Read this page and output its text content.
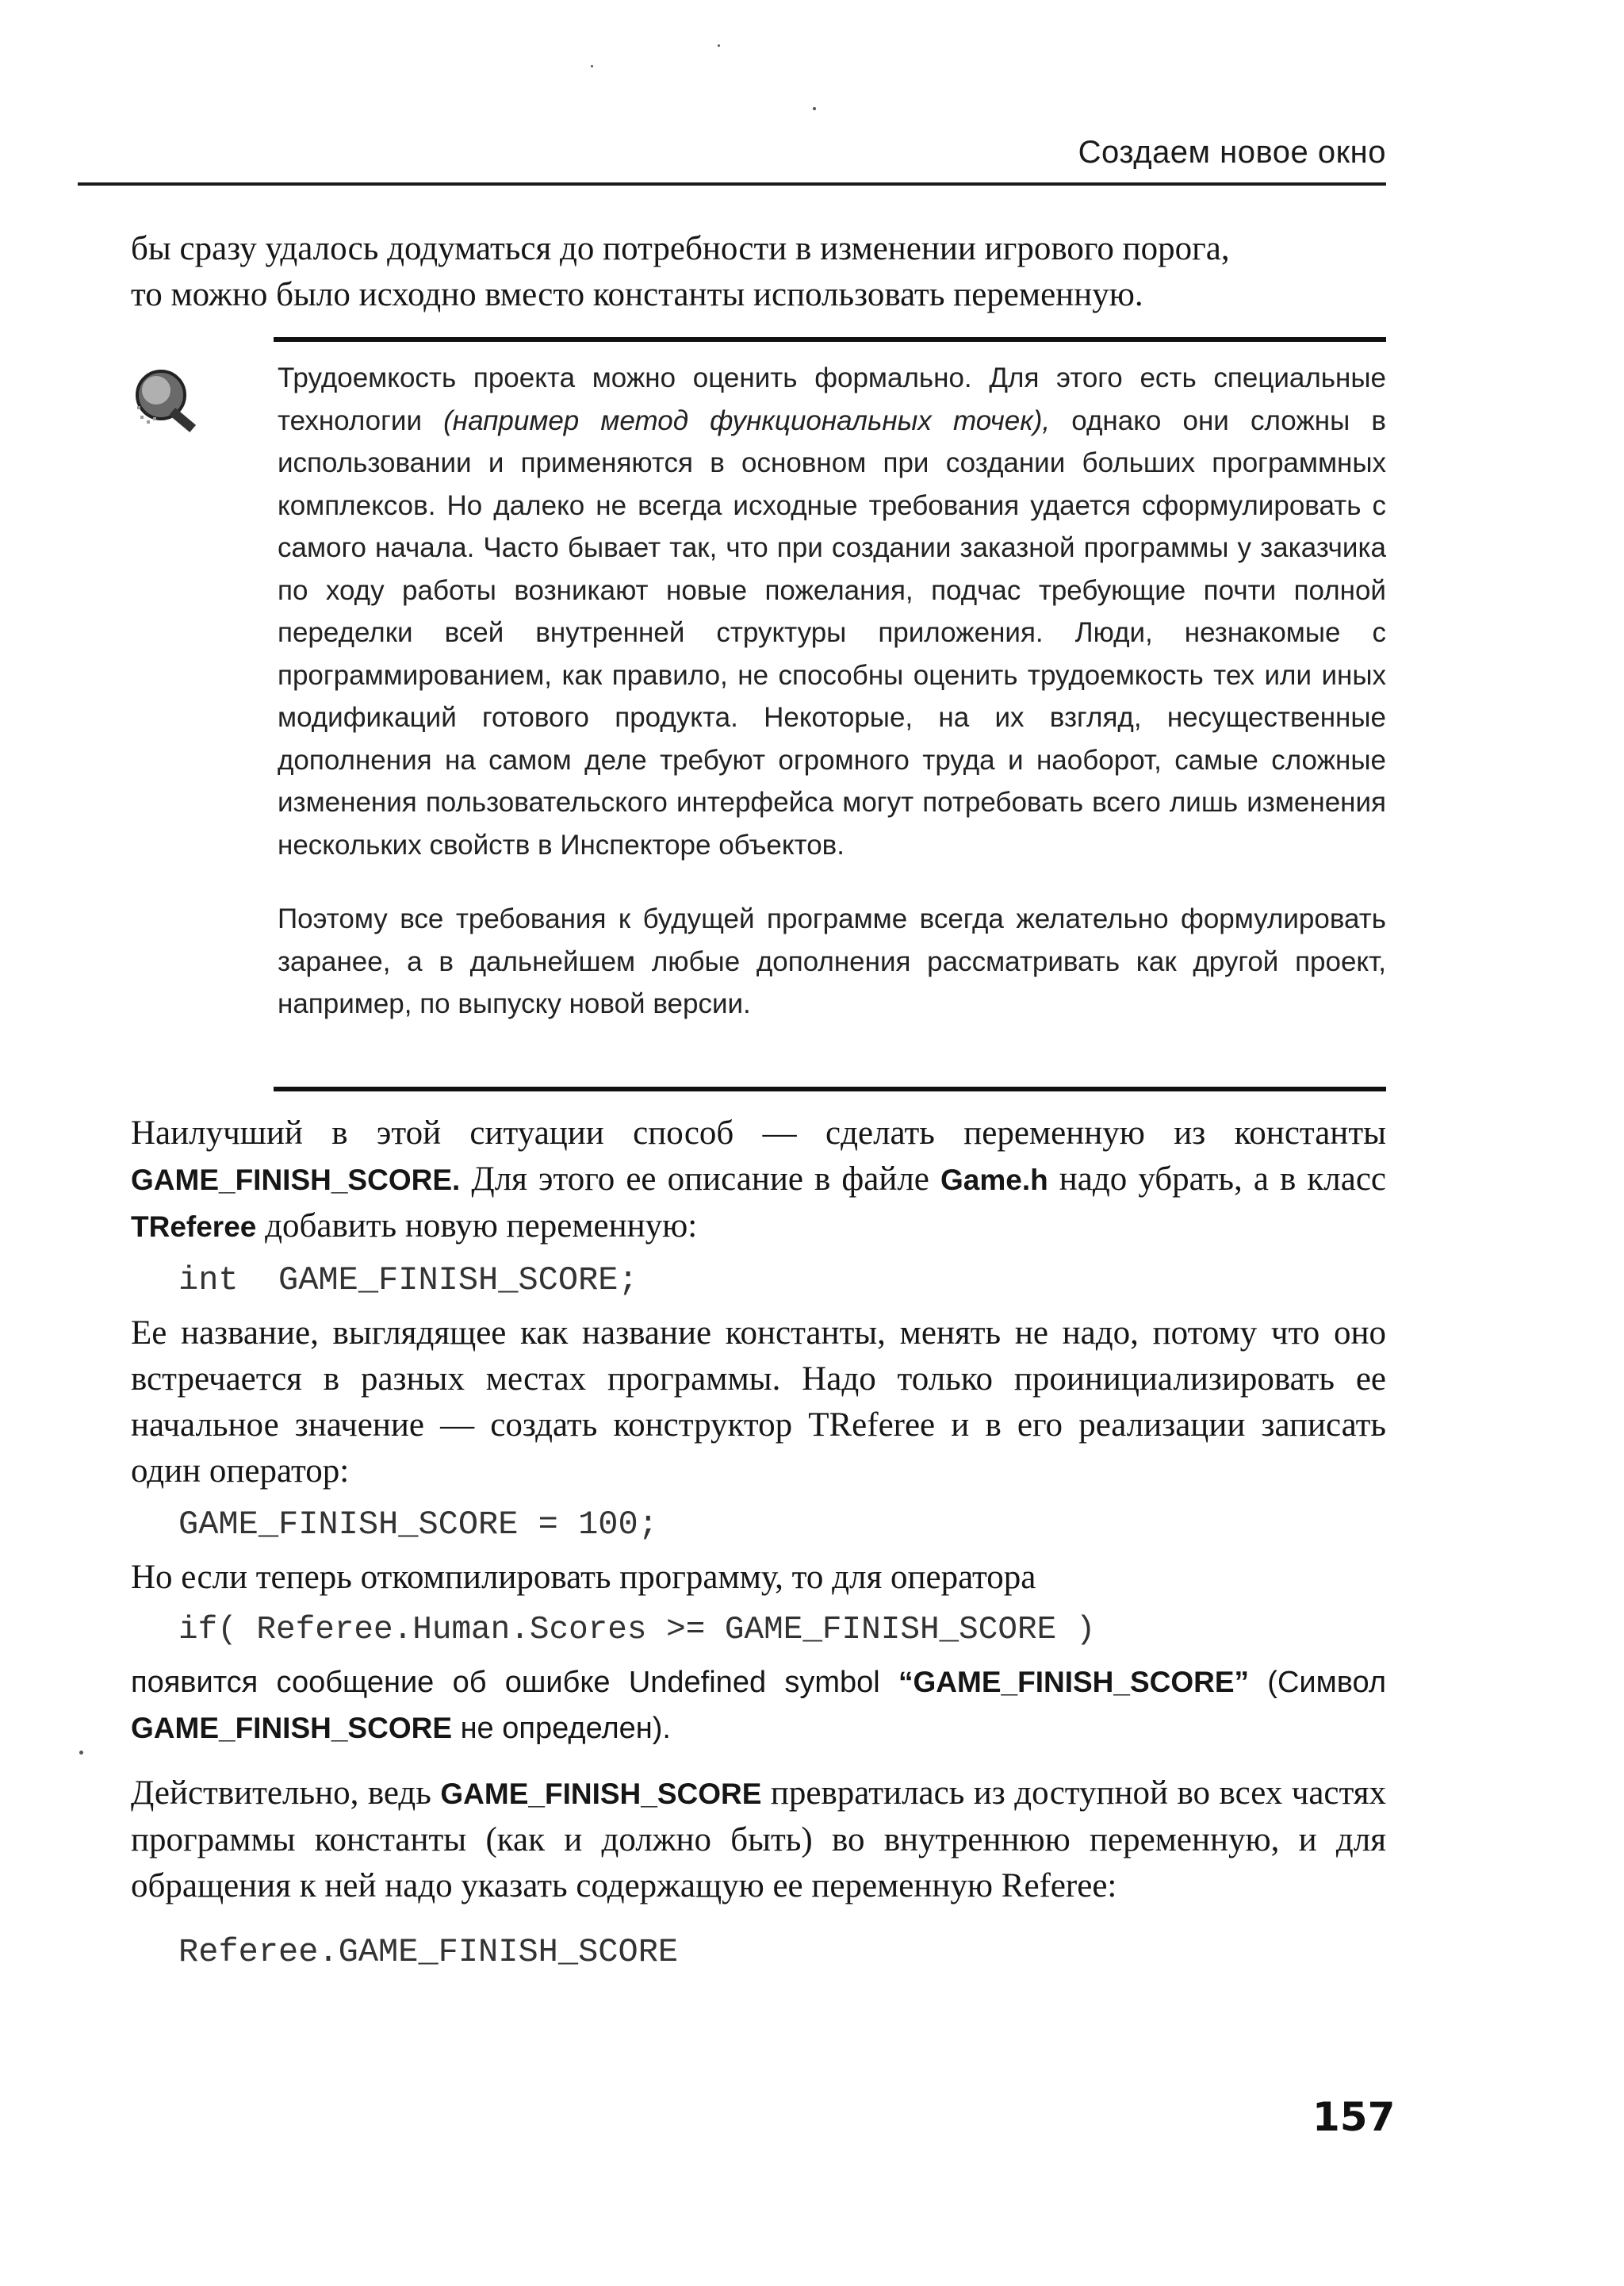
Создаем новое окно

бы сразу удалось додуматься до потребности в изменении игрового порога,

то можно было исходно вместо константы использовать переменную.

Трудоемкость проекта можно оценить формально. Для этого есть специальные технологии (например метод функциональных точек), однако они сложны в использовании и применяются в основном при создании больших программных комплексов. Но далеко не всегда исходные требования удается сформулировать с самого начала. Часто бывает так, что при создании заказной программы у заказчика по ходу работы возникают новые пожелания, подчас требующие почти полной переделки всей внутренней структуры приложения. Люди, незнакомые с программированием, как правило, не способны оценить трудоемкость тех или иных модификаций готового продукта. Некоторые, на их взгляд, несущественные дополнения на самом деле требуют огромного труда и наоборот, самые сложные изменения пользовательского интерфейса могут потребовать всего лишь изменения нескольких свойств в Инспекторе объектов.

Поэтому все требования к будущей программе всегда желательно формулировать заранее, а в дальнейшем любые дополнения рассматривать как другой проект, например, по выпуску новой версии.

Наилучший в этой ситуации способ — сделать переменную из константы GAME_FINISH_SCORE. Для этого ее описание в файле Game.h надо убрать, а в класс TReferee добавить новую переменную:

int  GAME_FINISH_SCORE;

Ее название, выглядящее как название константы, менять не надо, потому что оно встречается в разных местах программы. Надо только проинициализировать ее начальное значение — создать конструктор TReferee и в его реализации записать один оператор:

GAME_FINISH_SCORE = 100;

Но если теперь откомпилировать программу, то для оператора

if( Referee.Human.Scores >= GAME_FINISH_SCORE )

появится сообщение об ошибке Undefined symbol “GAME_FINISH_SCORE” (Символ GAME_FINISH_SCORE не определен).

Действительно, ведь GAME_FINISH_SCORE превратилась из доступной во всех частях программы константы (как и должно быть) во внутреннюю переменную, и для обращения к ней надо указать содержащую ее переменную Referee:

Referee.GAME_FINISH_SCORE

157
